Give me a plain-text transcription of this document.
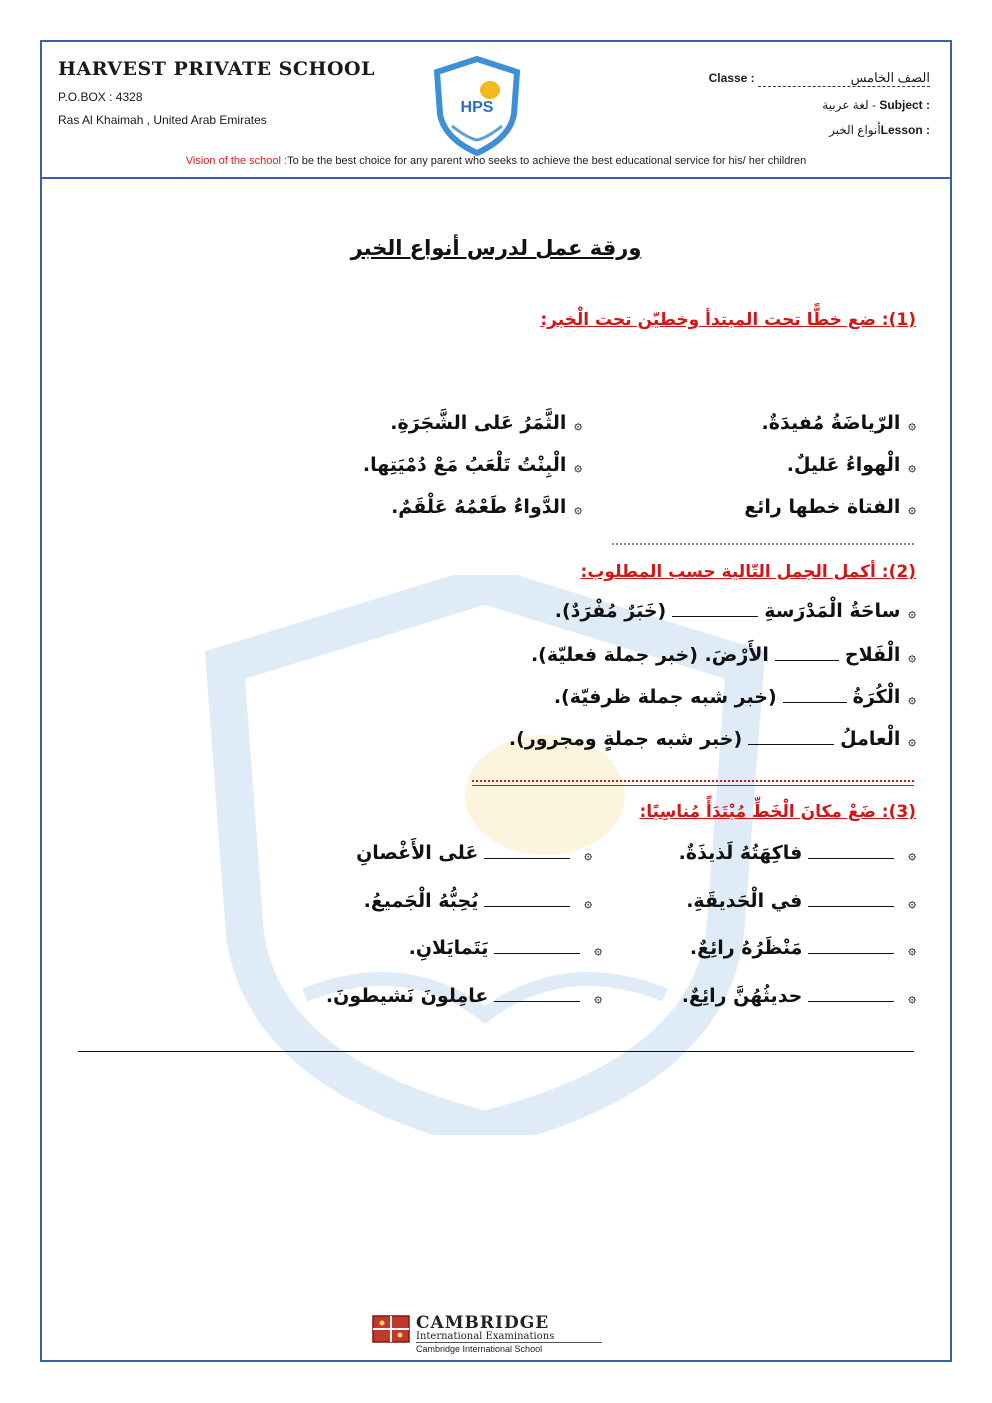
HARVEST PRIVATE SCHOOL
P.O.BOX : 4328
Ras Al Khaimah , United Arab Emirates
HPS
Classe :	الصف الخامس
لغة عربية - Subject :
أنواع الخبرLesson :
Vision of the school :To be the best choice for any parent who seeks to achieve the best educational service for his/ her children
ورقة عمل لدرس أنواع الخبر
(1): ضع خطًّا تحت المبتدأ وخطيّن تحت الْخبر:
۞الرّياضَةُ مُفيدَةٌ.
۞الثَّمَرُ عَلى الشَّجَرَةِ.
۞الْهواءُ عَليلٌ.
۞الْبِنْتُ تَلْعَبُ مَعْ دُمْيَتِها.
۞الفتاة خطها رائع
۞الدَّواءُ طَعْمُهُ عَلْقَمٌ.
(2): أكمل الجمل التّالية حسب المطلوب:
۞ساحَةُ الْمَدْرَسةِ(خَبَرٌ مُفْرَدٌ).
۞الْفَلاحالأَرْضَ. (خبر جملة فعليّة).
۞الْكُرَةُ(خبر شبه جملة ظرفيّة).
۞الْعاملُ(خبر شبه جملةٍ ومجرور).
(3): ضَعْ مكانَ الْخَطِّ مُبْتَدَأً مُناسِبًا:
۞فاكِهَتُهُ لَذيذَةٌ.
۞عَلى الأَغْصانِ
۞في الْحَديقَةِ.
۞يُحِبُّهُ الْجَميعُ.
۞مَنْظَرُهُ رائِعٌ.
۞يَتَمايَلانِ.
۞حديثُهُنَّ رائِعٌ.
۞عامِلونَ نَشيطونَ.
CAMBRIDGE
International Examinations
Cambridge International School
